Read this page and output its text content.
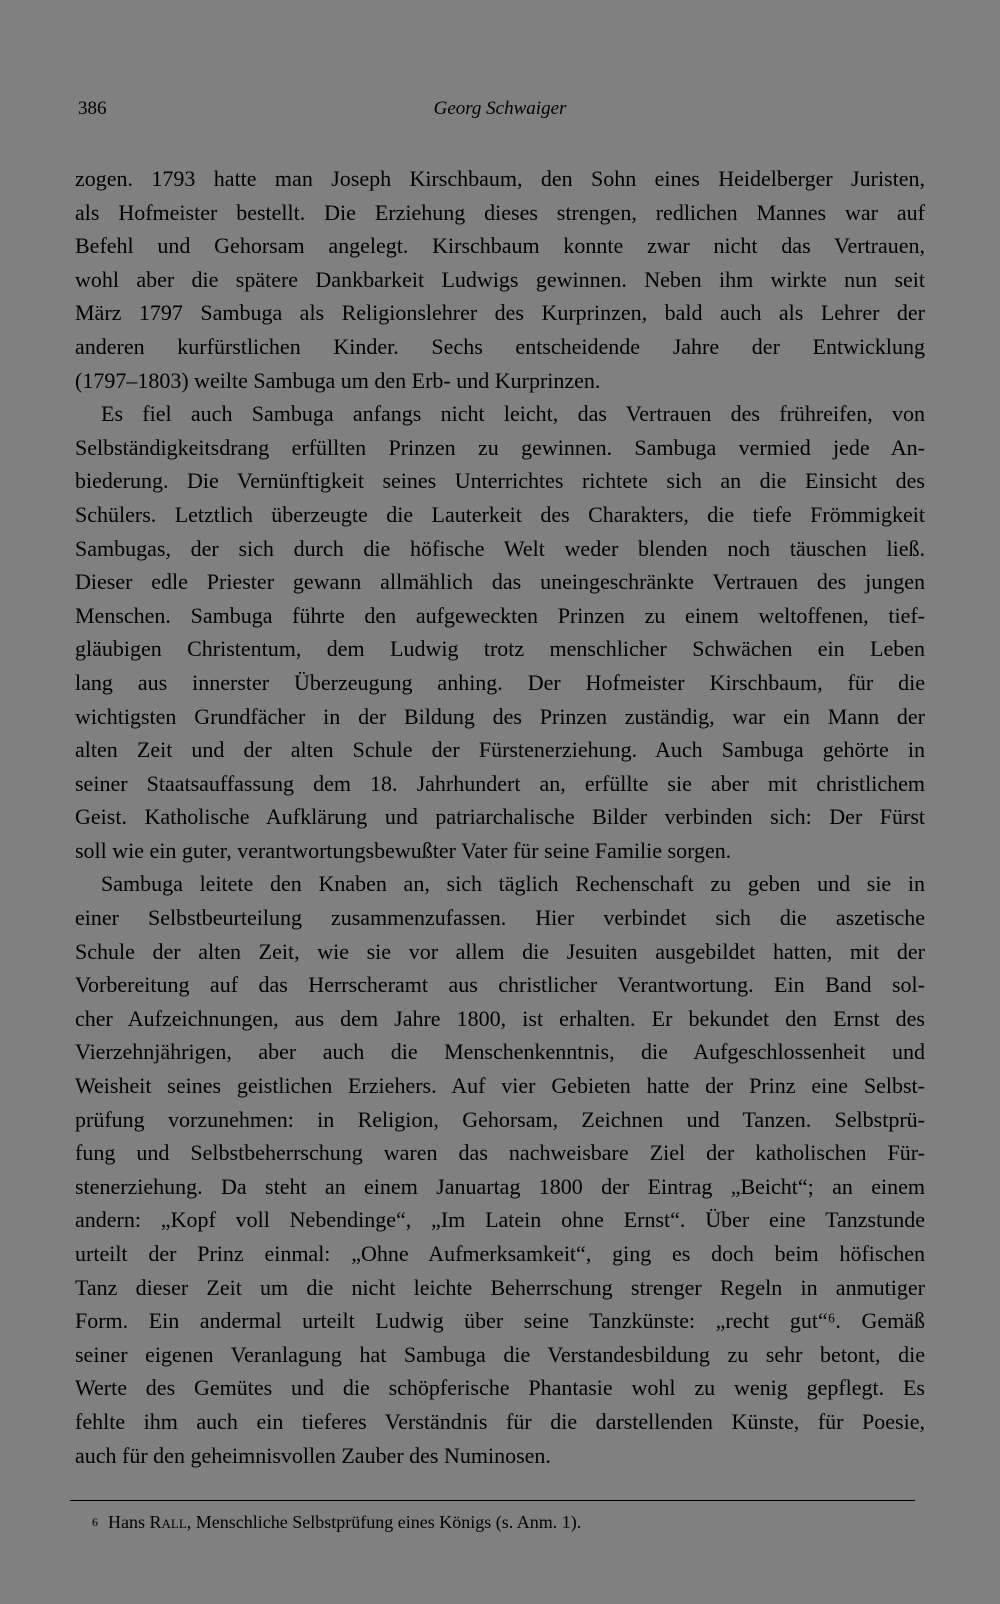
386	Georg Schwaiger
zogen. 1793 hatte man Joseph Kirschbaum, den Sohn eines Heidelberger Juristen,
als Hofmeister bestellt. Die Erziehung dieses strengen, redlichen Mannes war auf
Befehl und Gehorsam angelegt. Kirschbaum konnte zwar nicht das Vertrauen,
wohl aber die spätere Dankbarkeit Ludwigs gewinnen. Neben ihm wirkte nun seit
März 1797 Sambuga als Religionslehrer des Kurprinzen, bald auch als Lehrer der
anderen kurfürstlichen Kinder. Sechs entscheidende Jahre der Entwicklung
(1797–1803) weilte Sambuga um den Erb- und Kurprinzen.
Es fiel auch Sambuga anfangs nicht leicht, das Vertrauen des frühreifen, von
Selbständigkeitsdrang erfüllten Prinzen zu gewinnen. Sambuga vermied jede An-
biederung. Die Vernünftigkeit seines Unterrichtes richtete sich an die Einsicht des
Schülers. Letztlich überzeugte die Lauterkeit des Charakters, die tiefe Frömmigkeit
Sambugas, der sich durch die höfische Welt weder blenden noch täuschen ließ.
Dieser edle Priester gewann allmählich das uneingeschränkte Vertrauen des jungen
Menschen. Sambuga führte den aufgeweckten Prinzen zu einem weltoffenen, tief-
gläubigen Christentum, dem Ludwig trotz menschlicher Schwächen ein Leben
lang aus innerster Überzeugung anhing. Der Hofmeister Kirschbaum, für die
wichtigsten Grundfächer in der Bildung des Prinzen zuständig, war ein Mann der
alten Zeit und der alten Schule der Fürstenerziehung. Auch Sambuga gehörte in
seiner Staatsauffassung dem 18. Jahrhundert an, erfüllte sie aber mit christlichem
Geist. Katholische Aufklärung und patriarchalische Bilder verbinden sich: Der Fürst
soll wie ein guter, verantwortungsbewußter Vater für seine Familie sorgen.
Sambuga leitete den Knaben an, sich täglich Rechenschaft zu geben und sie in
einer Selbstbeurteilung zusammenzufassen. Hier verbindet sich die aszetische
Schule der alten Zeit, wie sie vor allem die Jesuiten ausgebildet hatten, mit der
Vorbereitung auf das Herrscheramt aus christlicher Verantwortung. Ein Band sol-
cher Aufzeichnungen, aus dem Jahre 1800, ist erhalten. Er bekundet den Ernst des
Vierzehnjährigen, aber auch die Menschenkenntnis, die Aufgeschlossenheit und
Weisheit seines geistlichen Erziehers. Auf vier Gebieten hatte der Prinz eine Selbst-
prüfung vorzunehmen: in Religion, Gehorsam, Zeichnen und Tanzen. Selbstprü-
fung und Selbstbeherrschung waren das nachweisbare Ziel der katholischen Für-
stenerziehung. Da steht an einem Januartag 1800 der Eintrag „Beicht“; an einem
andern: „Kopf voll Nebendinge“, „Im Latein ohne Ernst“. Über eine Tanzstunde
urteilt der Prinz einmal: „Ohne Aufmerksamkeit“, ging es doch beim höfischen
Tanz dieser Zeit um die nicht leichte Beherrschung strenger Regeln in anmutiger
Form. Ein andermal urteilt Ludwig über seine Tanzkünste: „recht gut“⁶. Gemäß
seiner eigenen Veranlagung hat Sambuga die Verstandesbildung zu sehr betont, die
Werte des Gemütes und die schöpferische Phantasie wohl zu wenig gepflegt. Es
fehlte ihm auch ein tieferes Verständnis für die darstellenden Künste, für Poesie,
auch für den geheimnisvollen Zauber des Numinosen.
$^6$ Hans Rall, Menschliche Selbstprüfung eines Königs (s. Anm. 1).
